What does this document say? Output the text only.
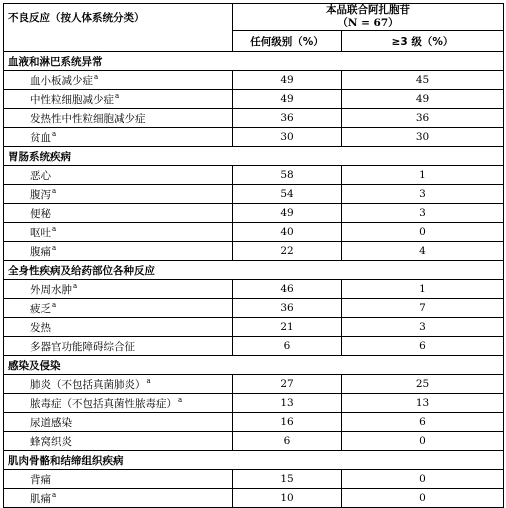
不良反应（按人体系统分类）	本品联合阿扎胞苷
（N = 67）	

	任何级别（%）	≥3 级（%）
血液和淋巴系统异常		
血小板减少症$^a$	49	45
中性粒细胞减少症$^a$	49	49
发热性中性粒细胞减少症	36	36
贫血$^a$	30	30
胃肠系统疾病		
恶心	58	1
腹泻$^a$	54	3
便秘	49	3
呕吐$^a$	40	0
腹痛$^a$	22	4
全身性疾病及给药部位各种反应		
外周水肿$^a$	46	1
疲乏$^a$	36	7
发热	21	3
多器官功能障碍综合征	6	6
感染及侵染		
肺炎（不包括真菌肺炎）$^a$	27	25
脓毒症（不包括真菌性脓毒症）$^a$	13	13
尿道感染	16	6
蜂窝织炎	6	0
肌肉骨骼和结缔组织疾病		
背痛	15	0
肌痛$^a$	10	0
